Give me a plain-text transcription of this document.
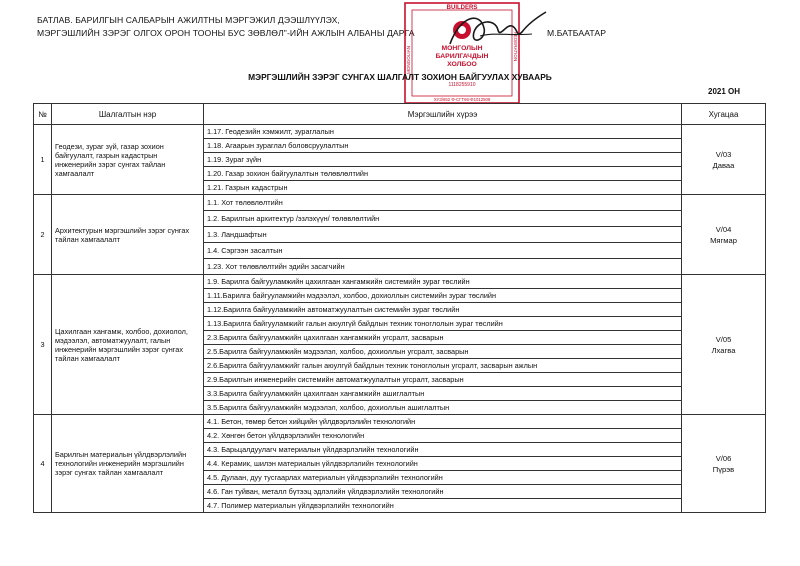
БАТЛАВ. БАРИЛГЫН САЛБАРЫН АЖИЛТНЫ МЭРГЭЖИЛ ДЭЭШЛҮҮЛЭХ,
МЭРГЭШЛИЙН ЗЭРЭГ ОЛГОХ ОРОН ТООНЫ БУС ЗӨВЛӨЛ"-ИЙН АЖЛЫН АЛБАНЫ ДАРГА	М.БАТБААТАР
BUILDERS
МОНГОЛЫН
БАРИЛГАЧДЫН
ХОЛБОО
1118255910
ХУЗ/652 Ф-СГТ66-Ф1012509
MONGOLIAN	FEDERATION
МЭРГЭШЛИЙН ЗЭРЭГ СУНГАХ ШАЛГАЛТ ЗОХИОН БАЙГУУЛАХ ХУВААРЬ
2021 ОН
№	Шалгалтын нэр	Мэргэшлийн хүрээ	Хугацаа
1	Геодези, зураг зүй, газар зохион байгуулалт, газрын кадастрын инженерийн зэрэг сунгах тайлан хамгаалалт	1.17. Геодезийн хэмжилт, зураглалын	V/03
Даваа

		1.18. Агаарын зураглал боловсруулалтын	
		1.19. Зураг зүйн	
		1.20. Газар зохион байгуулалтын төлөвлөлтийн	
		1.21. Газрын кадастрын	
2	Архитектурын мэргэшлийн зэрэг сунгах тайлан хамгаалалт	1.1. Хот төлөвлөлтийн	V/04
Мягмар

		1.2. Барилгын архитектур /эзлэхүүн/ төлөвлөлтийн	
		1.3. Ландшафтын	
		1.4. Сэргээн засалтын	
		1.23. Хот төлөвлөлтийн эдийн засагчийн	
3	Цахилгаан хангамж, холбоо, дохиолол, мэдээлэл, автоматжуулалт, галын инженерийн мэргэшлийн зэрэг сунгах тайлан хамгаалалт	1.9. Барилга байгууламжийн цахилгаан хангамжийн системийн зураг төслийн	V/05
Лхагва

		1.11.Барилга байгууламжийн мэдээлэл, холбоо, дохиоллын системийн зураг төслийн	
		1.12.Барилга байгууламжийн автоматжуулалтын системийн зураг төслийн	
		1.13.Барилга байгууламжийг галын аюулгүй байдлын техник тоноглолын зураг төслийн	
		2.3.Барилга байгууламжийн цахилгаан хангамжийн угсралт, засварын	
		2.5.Барилга байгууламжийн мэдээлэл, холбоо, дохиоллын угсралт, засварын	
		2.6.Барилга байгууламжийг галын аюулгүй байдлын техник тоноглолын угсралт, засварын ажлын	
		2.9.Барилгын инженерийн системийн автоматжуулалтын угсралт, засварын	
		3.3.Барилга байгууламжийн цахилгаан хангамжийн ашиглалтын	
		3.5.Барилга байгууламжийн мэдээлэл, холбоо, дохиоллын ашиглалтын	
4	Барилгын материалын үйлдвэрлэлийн технологийн инженерийн мэргэшлийн зэрэг сунгах тайлан хамгаалалт	4.1. Бетон, төмөр бетон хийцийн үйлдвэрлэлийн технологийн	V/06
Пүрэв

		4.2. Хөнгөн бетон үйлдвэрлэлийн технологийн	
		4.3. Барьцалдуулагч материалын үйлдвэрлэлийн технологийн	
		4.4. Керамик, шилэн материалын үйлдвэрлэлийн технологийн	
		4.5. Дулаан, дуу тусгаарлах материалын үйлдвэрлэлийн технологийн	
		4.6. Ган туйван, металл бүтээц эдлэлийн үйлдвэрлэлийн технологийн	
		4.7. Полимер материалын үйлдвэрлэлийн технологийн	
